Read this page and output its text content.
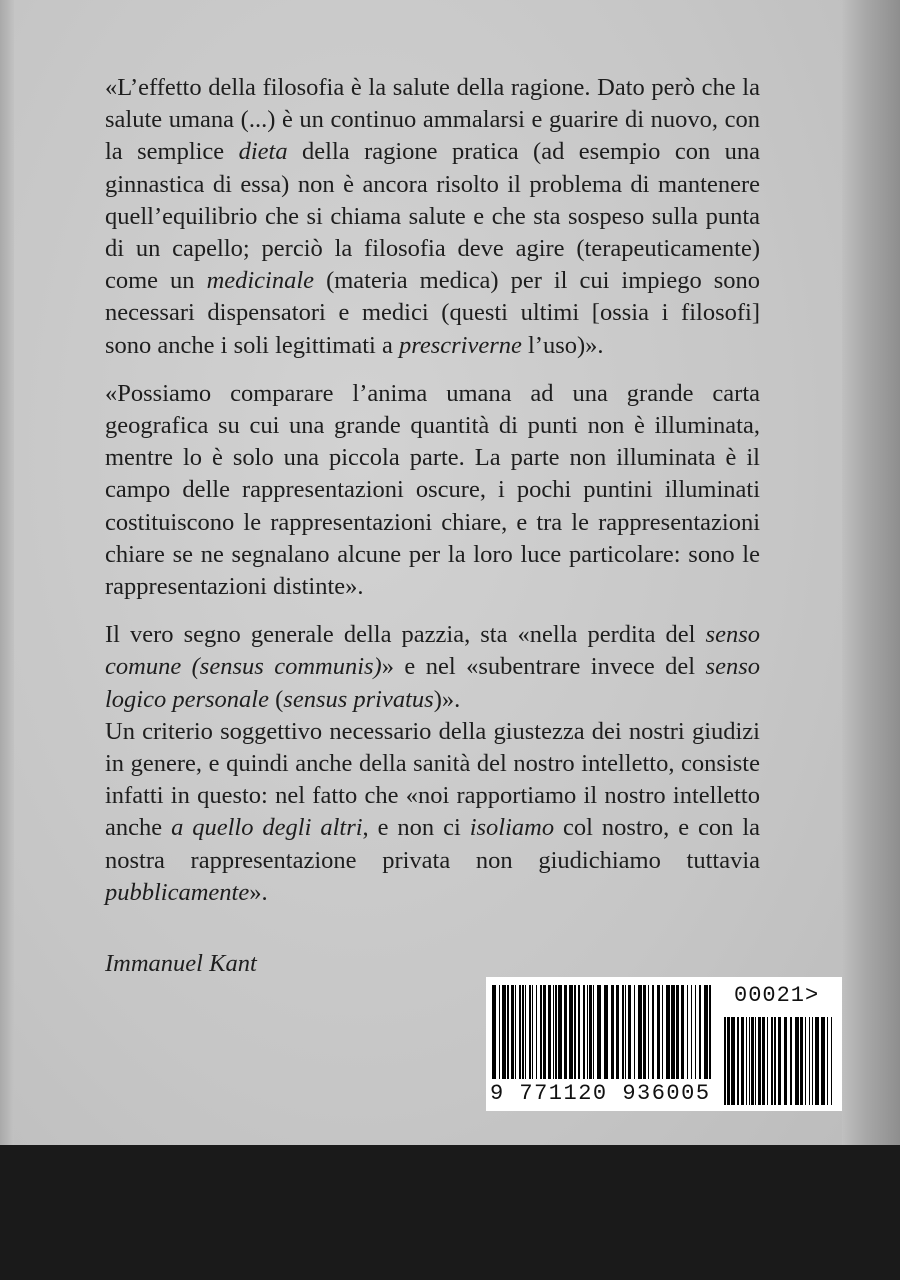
«L’effetto della filosofia è la salute della ragione. Dato però che la salute umana (...) è un continuo ammalarsi e guarire di nuovo, con la semplice dieta della ragione pratica (ad esempio con una ginnastica di essa) non è ancora risolto il problema di mantenere quell’equilibrio che si chiama salute e che sta sospeso sulla punta di un capello; perciò la filosofia deve agire (terapeuticamente) come un medicinale (materia medica) per il cui impiego sono necessari dispensatori e medici (questi ultimi [ossia i filosofi] sono anche i soli legittimati a prescriverne l’uso)».

«Possiamo comparare l’anima umana ad una grande carta geografica su cui una grande quantità di punti non è illuminata, mentre lo è solo una piccola parte. La parte non illuminata è il campo delle rappresentazioni oscure, i pochi puntini illuminati costituiscono le rappresentazioni chiare, e tra le rappresentazioni chiare se ne segnalano alcune per la loro luce particolare: sono le rappresentazioni distinte».

Il vero segno generale della pazzia, sta «nella perdita del senso comune (sensus communis)» e nel «subentrare invece del senso logico personale (sensus privatus)».

Un criterio soggettivo necessario della giustezza dei nostri giudizi in genere, e quindi anche della sanità del nostro intelletto, consiste infatti in questo: nel fatto che «noi rapportiamo il nostro intelletto anche a quello degli altri, e non ci isoliamo col nostro, e con la nostra rappresentazione privata non giudichiamo tuttavia pubblicamente».

Immanuel Kant
9 771120 936005
00021>
